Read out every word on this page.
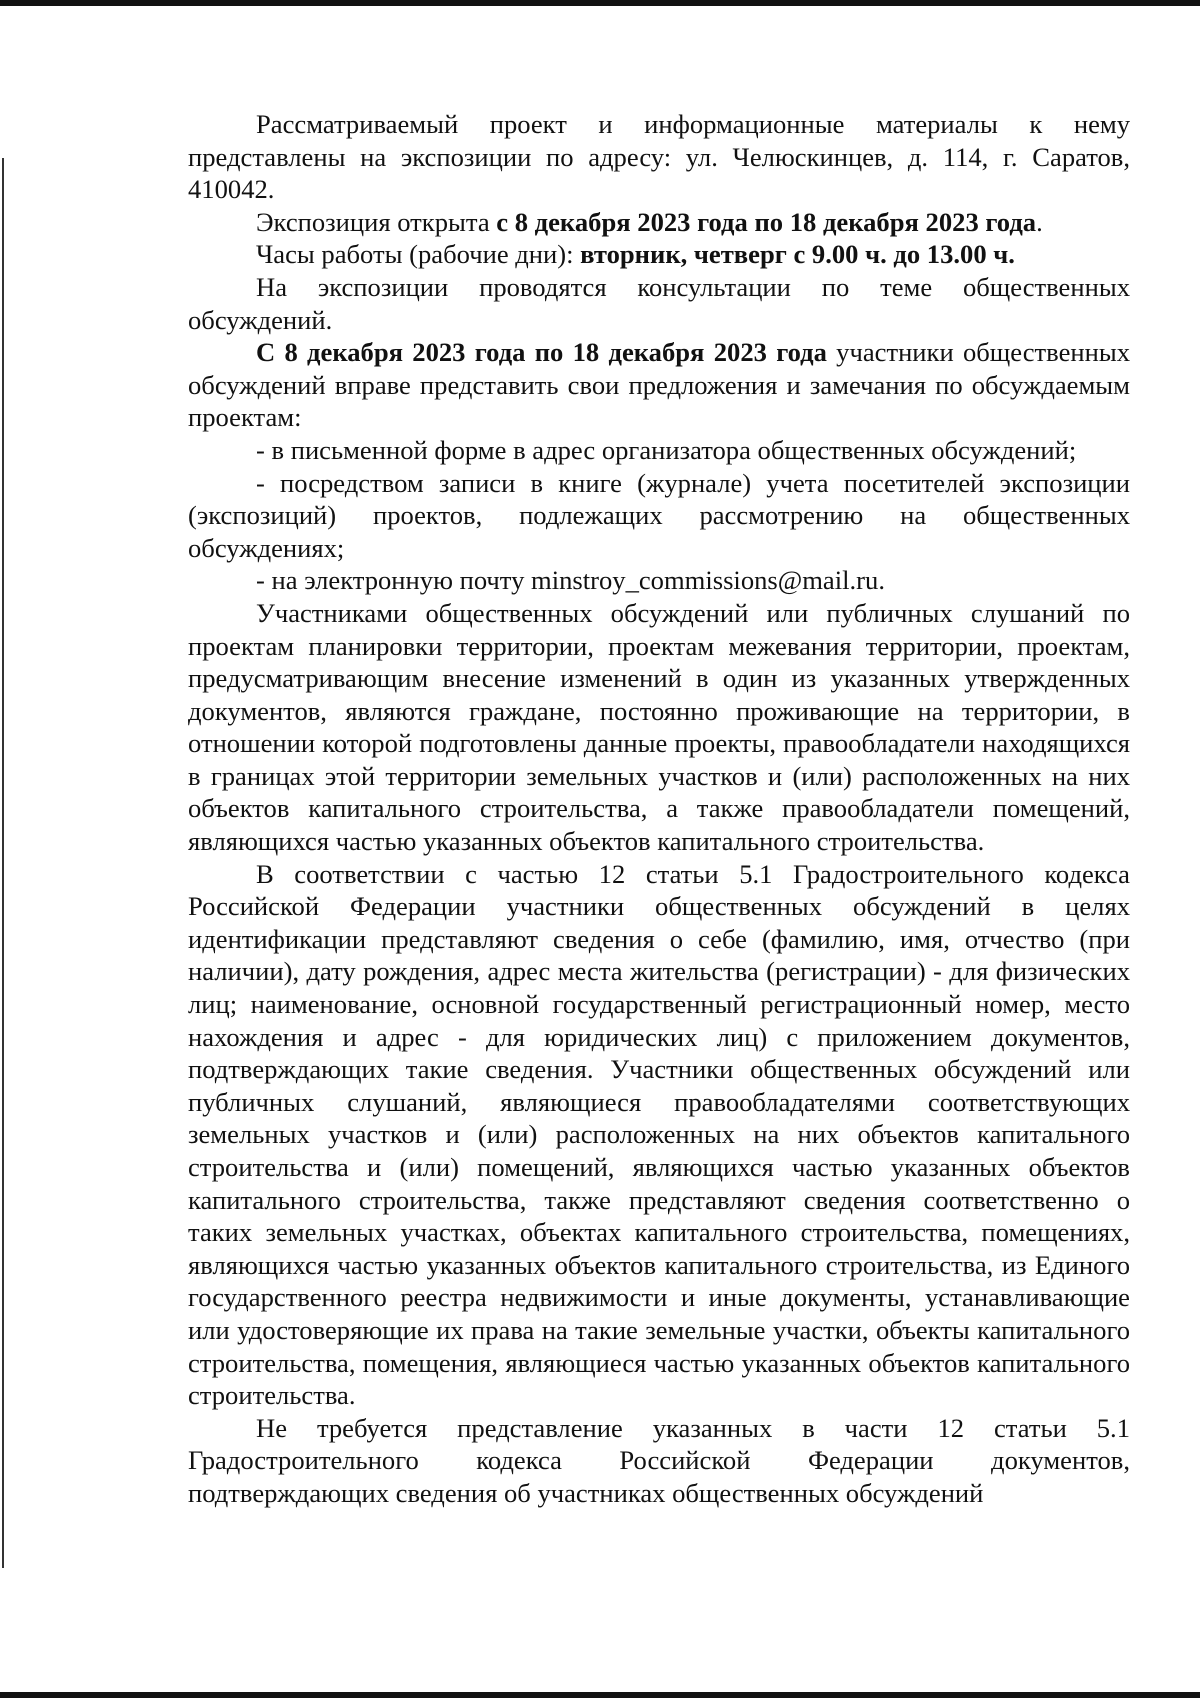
Рассматриваемый проект и информационные материалы к нему представлены на экспозиции по адресу: ул. Челюскинцев, д. 114, г. Саратов, 410042.

Экспозиция открыта с 8 декабря 2023 года по 18 декабря 2023 года.

Часы работы (рабочие дни): вторник, четверг с 9.00 ч. до 13.00 ч.

На экспозиции проводятся консультации по теме общественных обсуждений.

С 8 декабря 2023 года по 18 декабря 2023 года участники общественных обсуждений вправе представить свои предложения и замечания по обсуждаемым проектам:

- в письменной форме в адрес организатора общественных обсуждений;

- посредством записи в книге (журнале) учета посетителей экспозиции (экспозиций) проектов, подлежащих рассмотрению на общественных обсуждениях;

- на электронную почту minstroy_commissions@mail.ru.

Участниками общественных обсуждений или публичных слушаний по проектам планировки территории, проектам межевания территории, проектам, предусматривающим внесение изменений в один из указанных утвержденных документов, являются граждане, постоянно проживающие на территории, в отношении которой подготовлены данные проекты, правообладатели находящихся в границах этой территории земельных участков и (или) расположенных на них объектов капитального строительства, а также правообладатели помещений, являющихся частью указанных объектов капитального строительства.

В соответствии с частью 12 статьи 5.1 Градостроительного кодекса Российской Федерации участники общественных обсуждений в целях идентификации представляют сведения о себе (фамилию, имя, отчество (при наличии), дату рождения, адрес места жительства (регистрации) - для физических лиц; наименование, основной государственный регистрационный номер, место нахождения и адрес - для юридических лиц) с приложением документов, подтверждающих такие сведения. Участники общественных обсуждений или публичных слушаний, являющиеся правообладателями соответствующих земельных участков и (или) расположенных на них объектов капитального строительства и (или) помещений, являющихся частью указанных объектов капитального строительства, также представляют сведения соответственно о таких земельных участках, объектах капитального строительства, помещениях, являющихся частью указанных объектов капитального строительства, из Единого государственного реестра недвижимости и иные документы, устанавливающие или удостоверяющие их права на такие земельные участки, объекты капитального строительства, помещения, являющиеся частью указанных объектов капитального строительства.

Не требуется представление указанных в части 12 статьи 5.1 Градостроительного кодекса Российской Федерации документов, подтверждающих сведения об участниках общественных обсуждений
